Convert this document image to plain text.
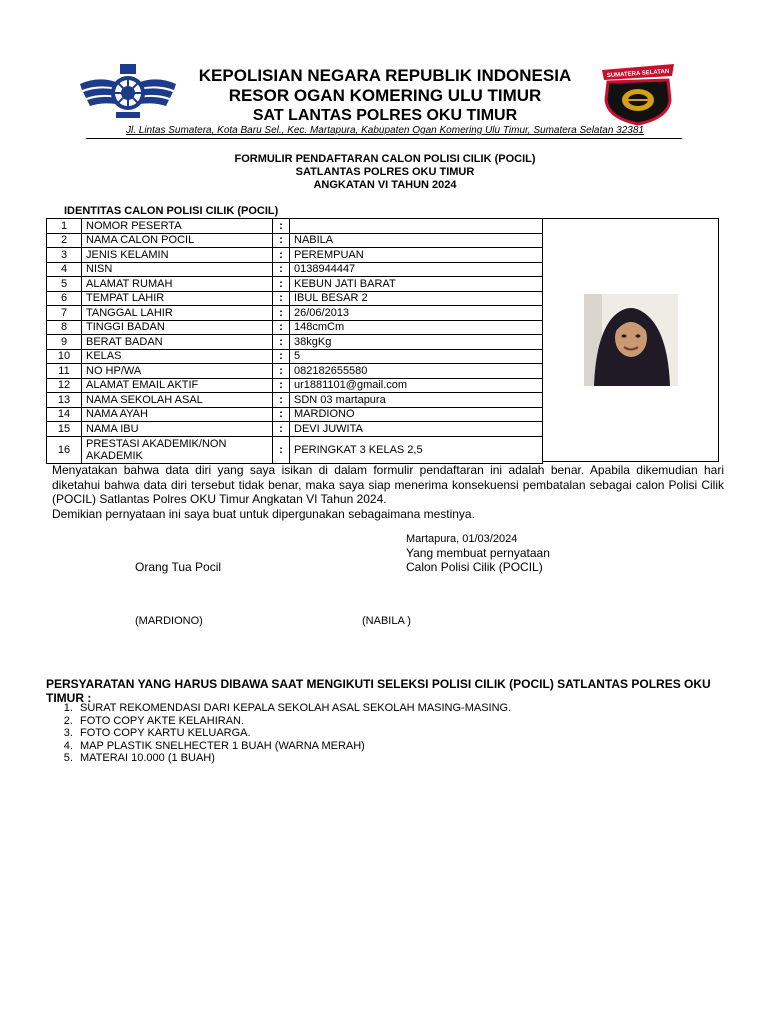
SUMATERA SELATAN
KEPOLISIAN NEGARA REPUBLIK INDONESIA
RESOR OGAN KOMERING ULU TIMUR
SAT LANTAS POLRES OKU TIMUR
Jl. Lintas Sumatera, Kota Baru Sel., Kec. Martapura, Kabupaten Ogan Komering Ulu Timur, Sumatera Selatan 32381
FORMULIR PENDAFTARAN CALON POLISI CILIK (POCIL)
SATLANTAS POLRES OKU TIMUR
ANGKATAN VI TAHUN 2024
IDENTITAS CALON POLISI CILIK (POCIL)
1	NOMOR PESERTA	:	
2	NAMA CALON POCIL	:	NABILA
3	JENIS KELAMIN	:	PEREMPUAN
4	NISN	:	0138944447
5	ALAMAT RUMAH	:	KEBUN JATI BARAT
6	TEMPAT LAHIR	:	IBUL BESAR 2
7	TANGGAL LAHIR	:	26/06/2013
8	TINGGI BADAN	:	148cmCm
9	BERAT BADAN	:	38kgKg
10	KELAS	:	5
11	NO HP/WA	:	082182655580
12	ALAMAT EMAIL AKTIF	:	ur1881101@gmail.com
13	NAMA SEKOLAH ASAL	:	SDN 03 martapura
14	NAMA AYAH	:	MARDIONO
15	NAMA IBU	:	DEVI JUWITA
16	PRESTASI AKADEMIK/NON AKADEMIK	:	PERINGKAT 3 KELAS 2,5
Menyatakan bahwa data diri yang saya isikan di dalam formulir pendaftaran ini adalah benar. Apabila dikemudian hari diketahui bahwa data diri tersebut tidak benar, maka saya siap menerima konsekuensi pembatalan sebagai calon Polisi Cilik (POCIL) Satlantas Polres OKU Timur Angkatan VI Tahun 2024.
Demikian pernyataan ini saya buat untuk dipergunakan sebagaimana mestinya.
Martapura, 01/03/2024
Yang membuat pernyataan
Orang Tua Pocil	Calon Polisi Cilik (POCIL)
(MARDIONO)	(NABILA )
PERSYARATAN YANG HARUS DIBAWA SAAT MENGIKUTI SELEKSI POLISI CILIK (POCIL) SATLANTAS POLRES OKU TIMUR :
1. SURAT REKOMENDASI DARI KEPALA SEKOLAH ASAL SEKOLAH MASING-MASING.
2. FOTO COPY AKTE KELAHIRAN.
3. FOTO COPY KARTU KELUARGA.
4. MAP PLASTIK SNELHECTER 1 BUAH (WARNA MERAH)
5. MATERAI 10.000 (1 BUAH)
